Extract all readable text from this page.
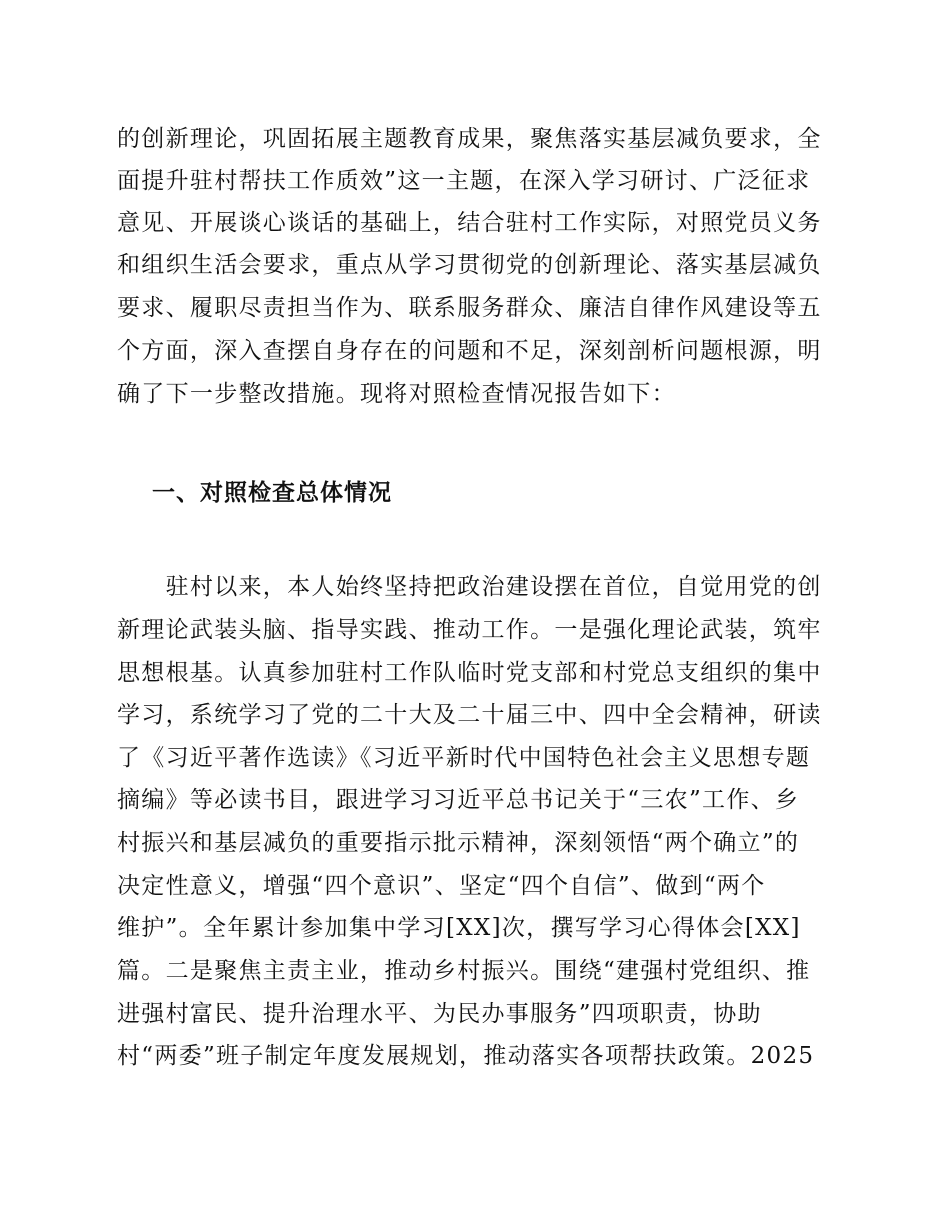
的创新理论，巩固拓展主题教育成果，聚焦落实基层减负要求，全
面提升驻村帮扶工作质效”这一主题，在深入学习研讨、广泛征求
意见、开展谈心谈话的基础上，结合驻村工作实际，对照党员义务
和组织生活会要求，重点从学习贯彻党的创新理论、落实基层减负
要求、履职尽责担当作为、联系服务群众、廉洁自律作风建设等五
个方面，深入查摆自身存在的问题和不足，深刻剖析问题根源，明
确了下一步整改措施。现将对照检查情况报告如下：
一、对照检查总体情况
　　驻村以来，本人始终坚持把政治建设摆在首位，自觉用党的创
新理论武装头脑、指导实践、推动工作。一是强化理论武装，筑牢
思想根基。认真参加驻村工作队临时党支部和村党总支组织的集中
学习，系统学习了党的二十大及二十届三中、四中全会精神，研读
了《习近平著作选读》《习近平新时代中国特色社会主义思想专题
摘编》等必读书目，跟进学习习近平总书记关于“三农”工作、乡
村振兴和基层减负的重要指示批示精神，深刻领悟“两个确立”的
决定性意义，增强“四个意识”、坚定“四个自信”、做到“两个
维护”。全年累计参加集中学习[XX]次，撰写学习心得体会[XX]
篇。二是聚焦主责主业，推动乡村振兴。围绕“建强村党组织、推
进强村富民、提升治理水平、为民办事服务”四项职责，协助
村“两委”班子制定年度发展规划，推动落实各项帮扶政策。2025
